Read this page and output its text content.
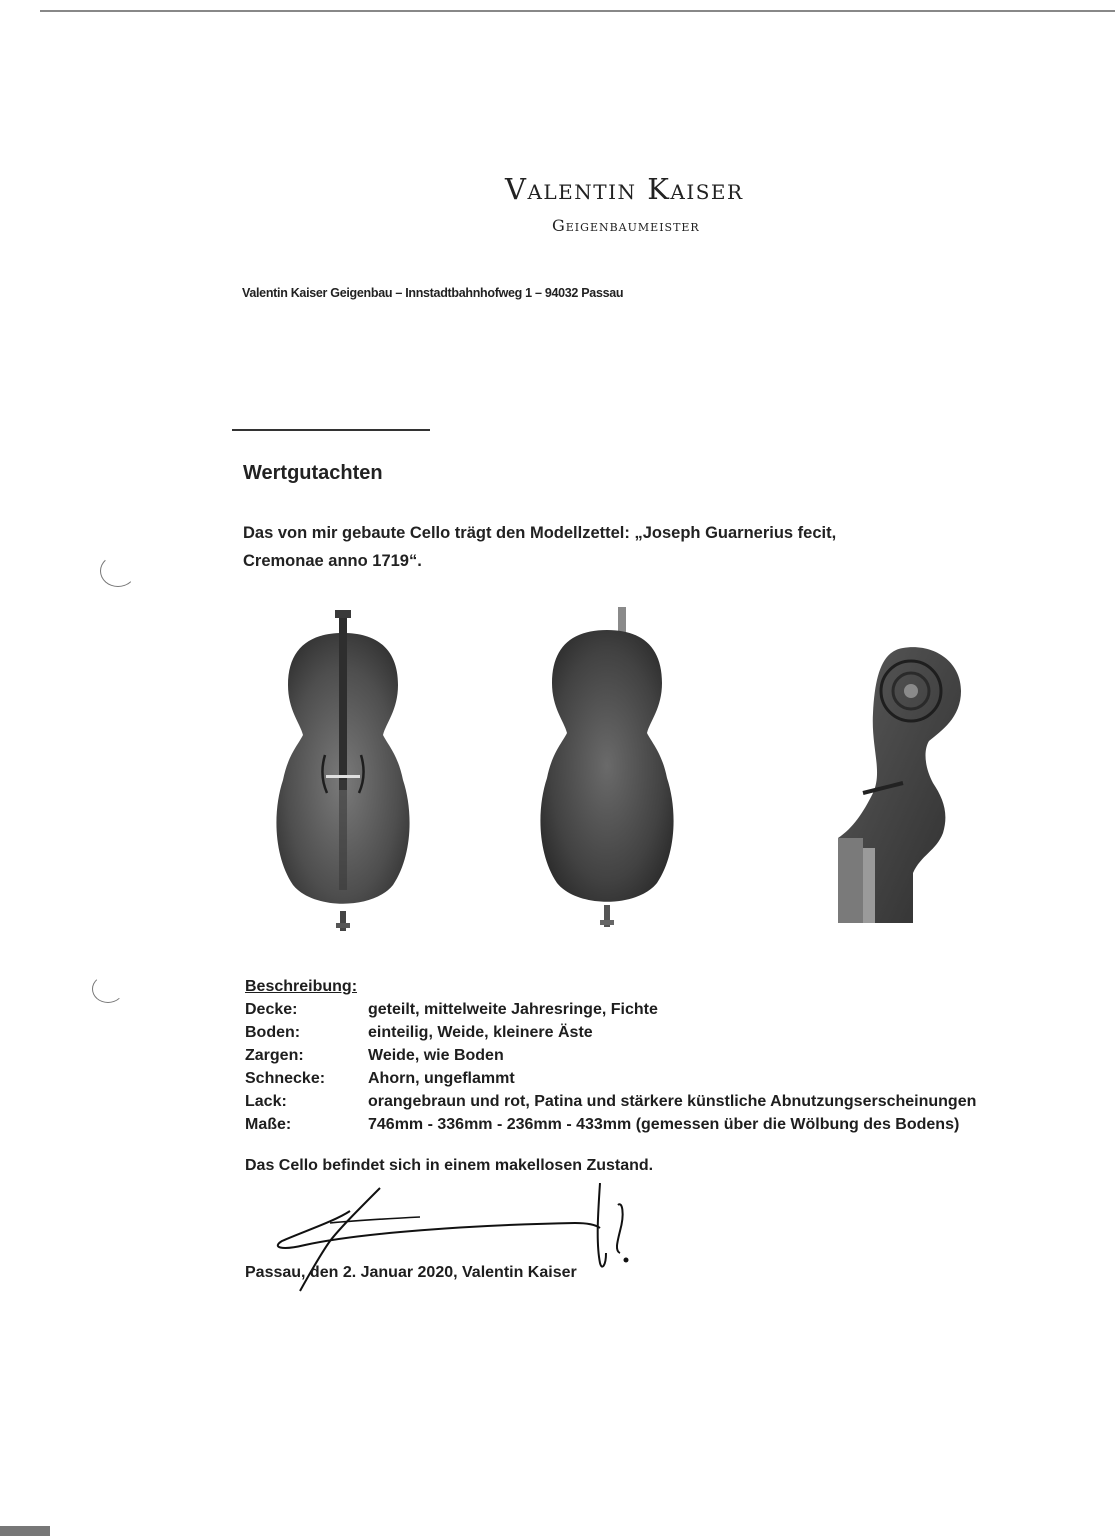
Valentin Kaiser
Geigenbaumeister
Valentin Kaiser Geigenbau – Innstadtbahnhofweg 1 – 94032 Passau
Wertgutachten
Das von mir gebaute Cello trägt den Modellzettel: „Joseph Guarnerius fecit,
Cremonae anno 1719“.
Beschreibung:
Decke:	geteilt, mittelweite Jahresringe, Fichte
Boden:	einteilig, Weide, kleinere Äste
Zargen:	Weide, wie Boden
Schnecke:	Ahorn, ungeflammt
Lack:	orangebraun und rot, Patina und stärkere künstliche Abnutzungserscheinungen
Maße:	746mm - 336mm - 236mm - 433mm (gemessen über die Wölbung des Bodens)
Das Cello befindet sich in einem makellosen Zustand.
Passau, den 2. Januar 2020, Valentin Kaiser
